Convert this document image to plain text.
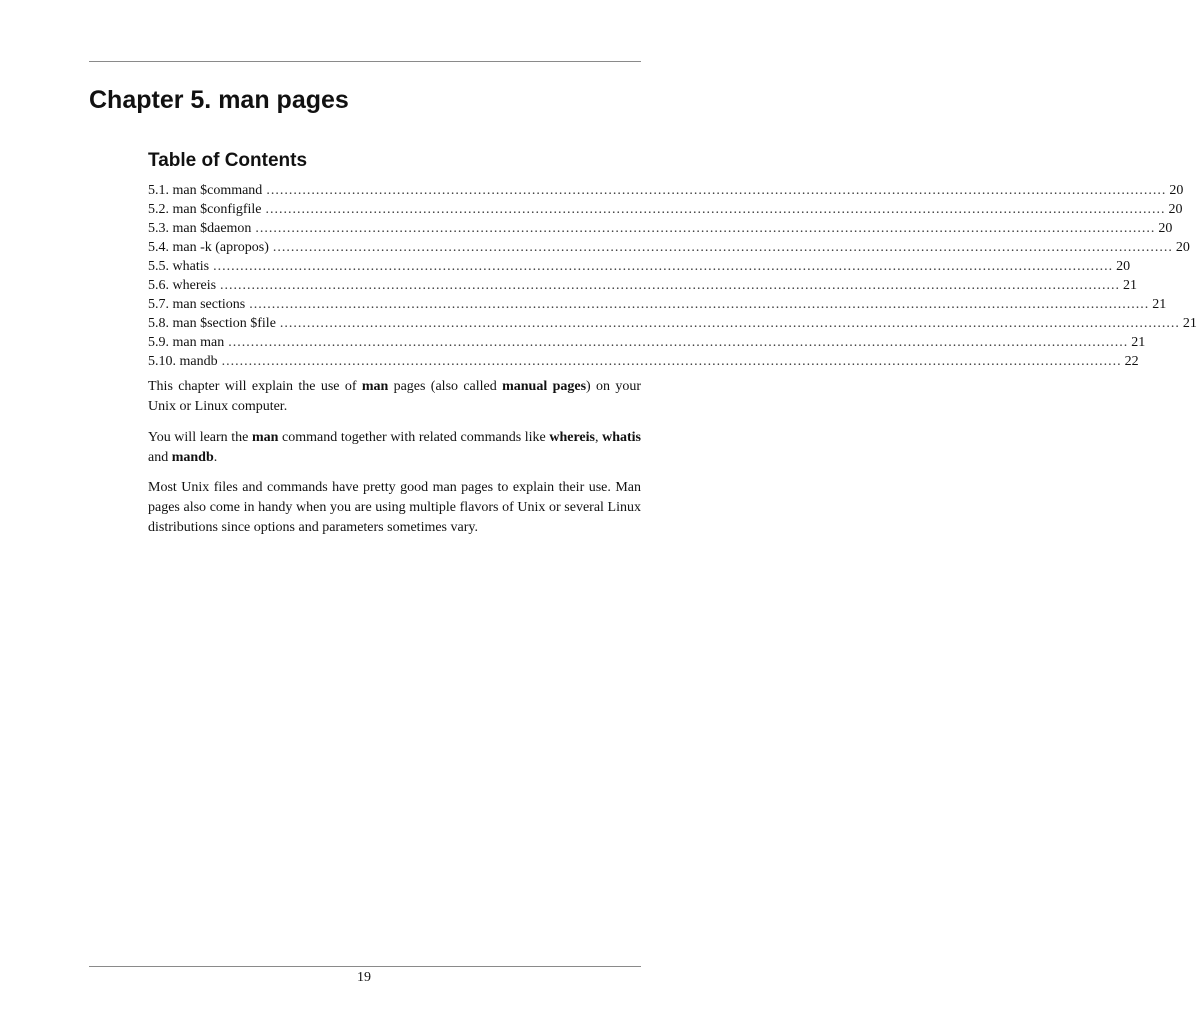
Chapter 5. man pages
Table of Contents
5.1. man $command ........................................................................................................................................................................................................ 20
5.2. man $configfile ........................................................................................................................................................................................................ 20
5.3. man $daemon ........................................................................................................................................................................................................ 20
5.4. man -k (apropos) ........................................................................................................................................................................................................ 20
5.5. whatis ........................................................................................................................................................................................................ 20
5.6. whereis ........................................................................................................................................................................................................ 21
5.7. man sections ........................................................................................................................................................................................................ 21
5.8. man $section $file ........................................................................................................................................................................................................ 21
5.9. man man ........................................................................................................................................................................................................ 21
5.10. mandb ........................................................................................................................................................................................................ 22

This chapter will explain the use of man pages (also called manual pages) on your Unix or Linux computer.

You will learn the man command together with related commands like whereis, whatis and mandb.

Most Unix files and commands have pretty good man pages to explain their use. Man pages also come in handy when you are using multiple flavors of Unix or several Linux distributions since options and parameters sometimes vary.

19
